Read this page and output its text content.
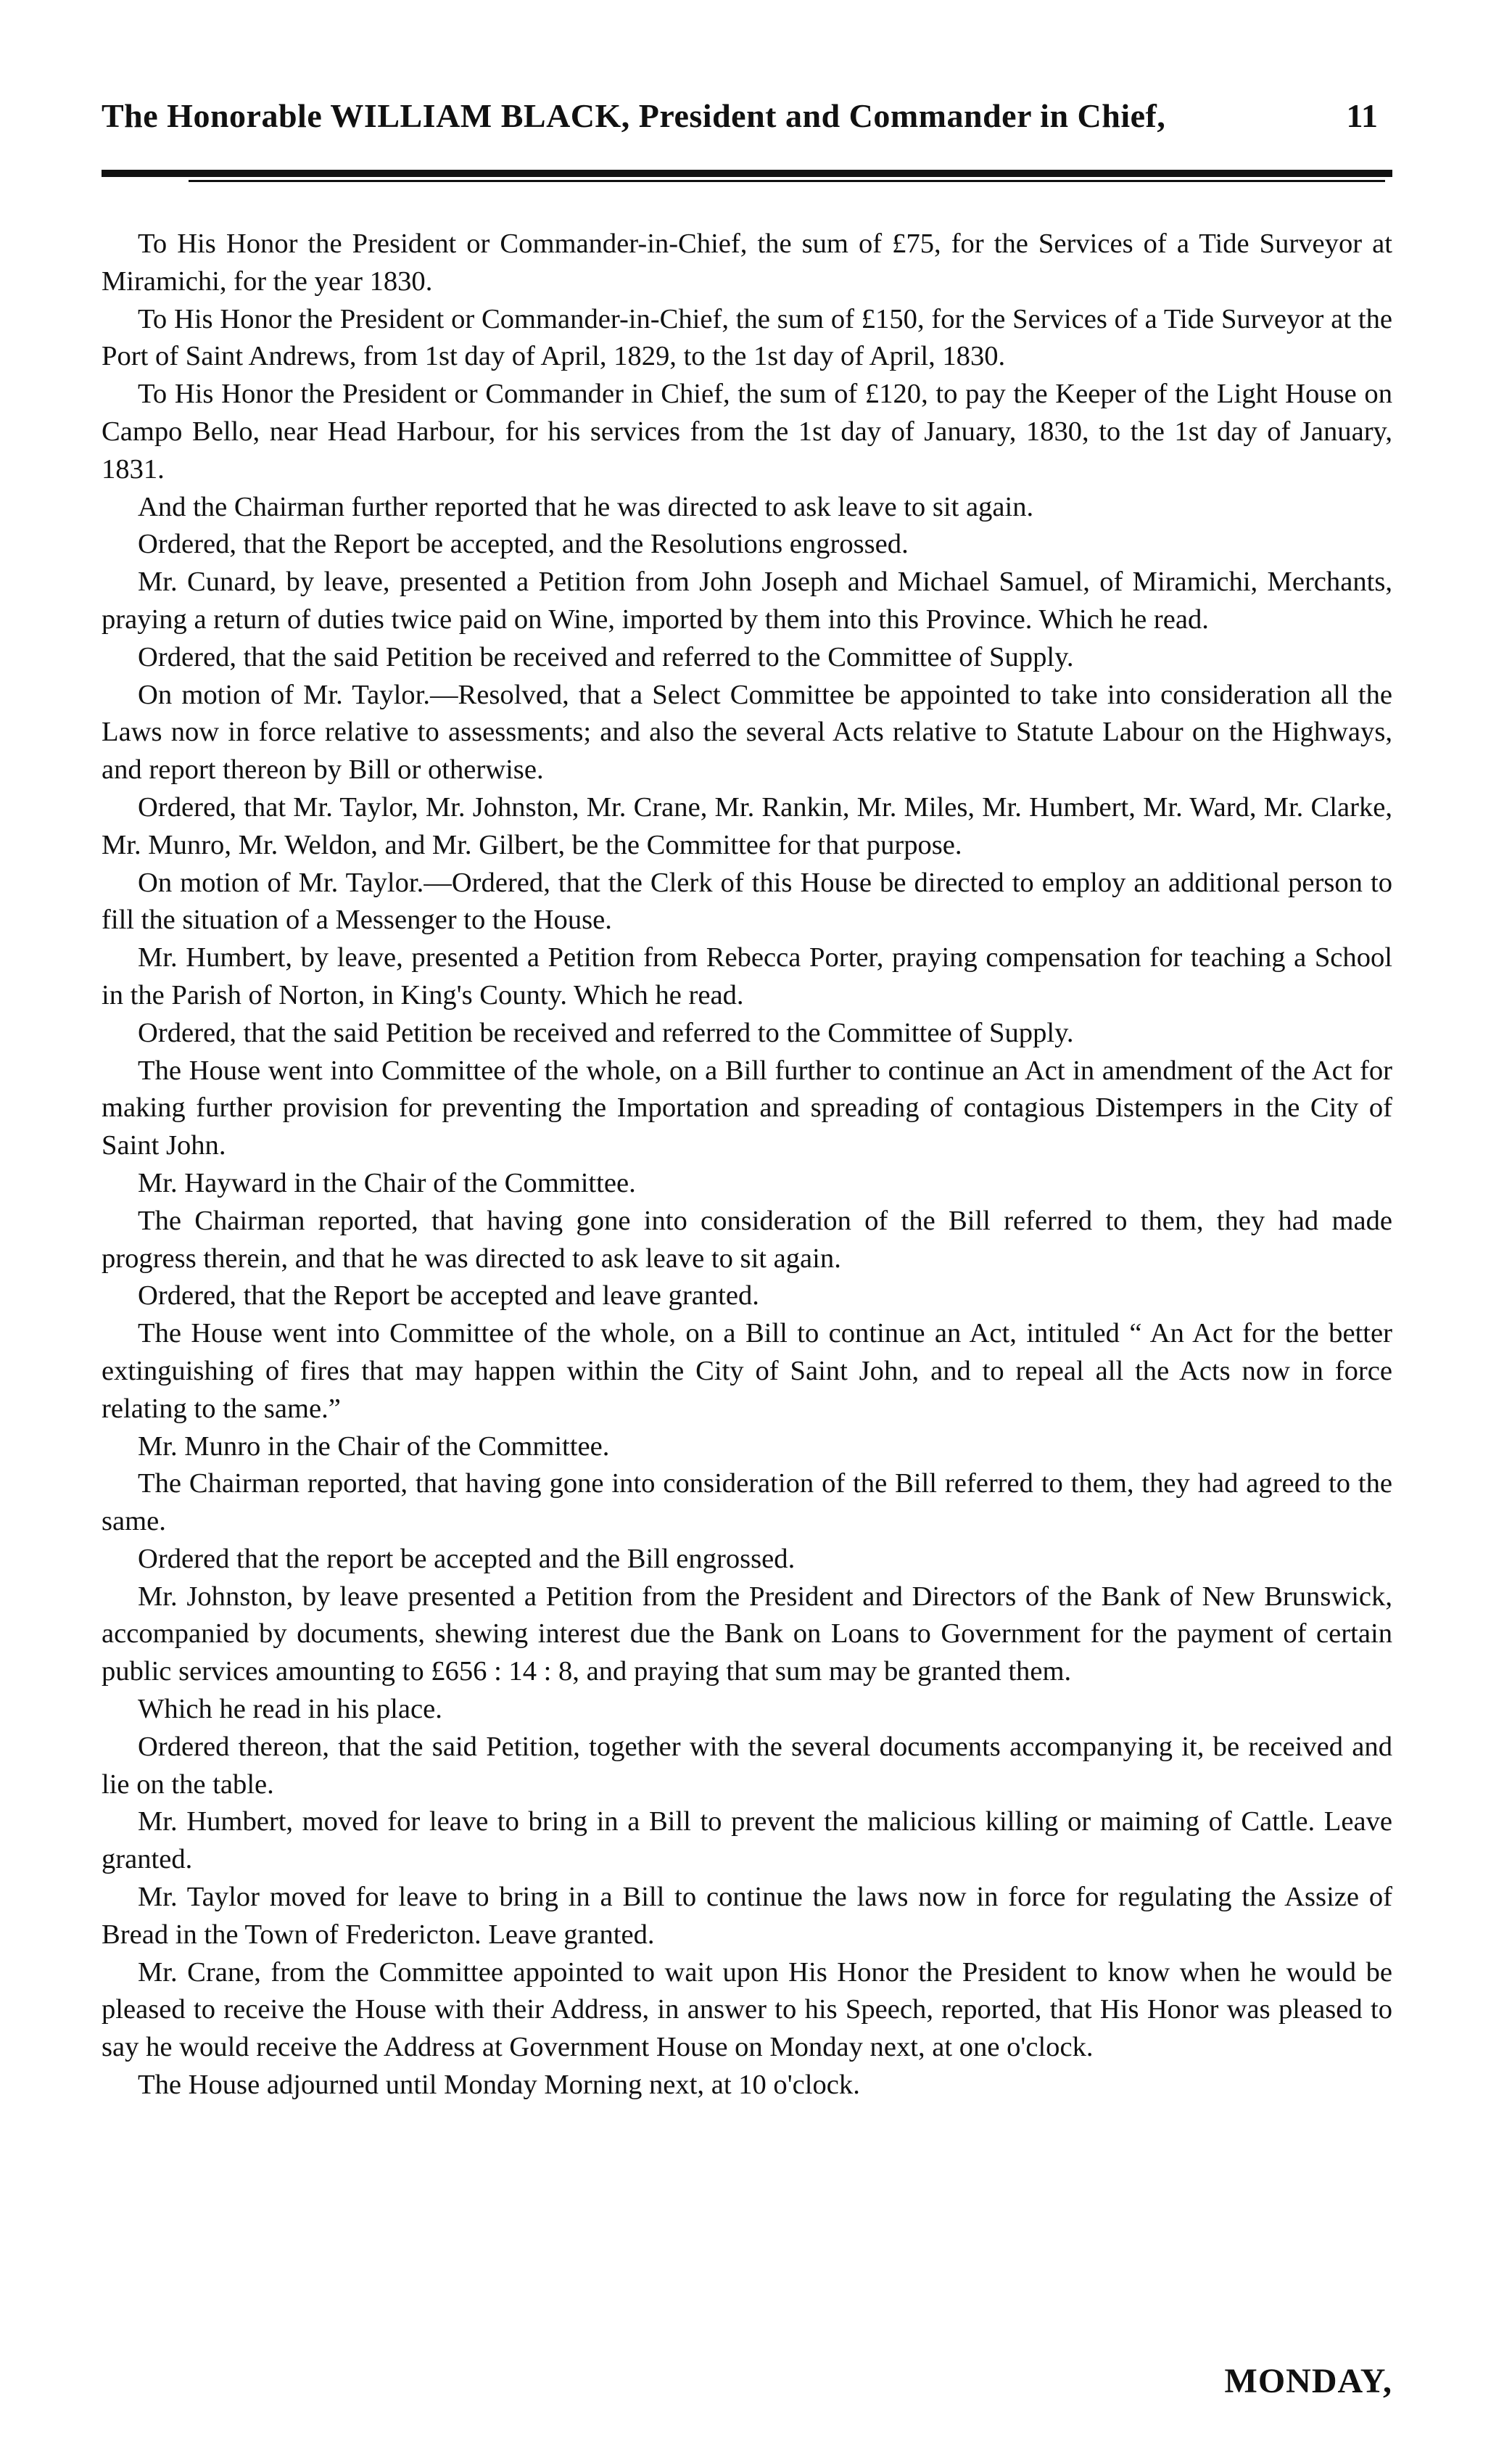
The Honorable WILLIAM BLACK, President and Commander in Chief,	11

To His Honor the President or Commander-in-Chief, the sum of £75, for the Services of a Tide Surveyor at Miramichi, for the year 1830.

To His Honor the President or Commander-in-Chief, the sum of £150, for the Services of a Tide Surveyor at the Port of Saint Andrews, from 1st day of April, 1829, to the 1st day of April, 1830.

To His Honor the President or Commander in Chief, the sum of £120, to pay the Keeper of the Light House on Campo Bello, near Head Harbour, for his services from the 1st day of January, 1830, to the 1st day of January, 1831.

And the Chairman further reported that he was directed to ask leave to sit again.

Ordered, that the Report be accepted, and the Resolutions engrossed.

Mr. Cunard, by leave, presented a Petition from John Joseph and Michael Samuel, of Miramichi, Merchants, praying a return of duties twice paid on Wine, imported by them into this Province. Which he read.

Ordered, that the said Petition be received and referred to the Committee of Supply.

On motion of Mr. Taylor.—Resolved, that a Select Committee be appointed to take into consideration all the Laws now in force relative to assessments; and also the several Acts relative to Statute Labour on the Highways, and report thereon by Bill or otherwise.

Ordered, that Mr. Taylor, Mr. Johnston, Mr. Crane, Mr. Rankin, Mr. Miles, Mr. Humbert, Mr. Ward, Mr. Clarke, Mr. Munro, Mr. Weldon, and Mr. Gilbert, be the Committee for that purpose.

On motion of Mr. Taylor.—Ordered, that the Clerk of this House be directed to employ an additional person to fill the situation of a Messenger to the House.

Mr. Humbert, by leave, presented a Petition from Rebecca Porter, praying compensation for teaching a School in the Parish of Norton, in King's County. Which he read.

Ordered, that the said Petition be received and referred to the Committee of Supply.

The House went into Committee of the whole, on a Bill further to continue an Act in amendment of the Act for making further provision for preventing the Importation and spreading of contagious Distempers in the City of Saint John.

Mr. Hayward in the Chair of the Committee.

The Chairman reported, that having gone into consideration of the Bill referred to them, they had made progress therein, and that he was directed to ask leave to sit again.

Ordered, that the Report be accepted and leave granted.

The House went into Committee of the whole, on a Bill to continue an Act, intituled “ An Act for the better extinguishing of fires that may happen within the City of Saint John, and to repeal all the Acts now in force relating to the same.”

Mr. Munro in the Chair of the Committee.

The Chairman reported, that having gone into consideration of the Bill referred to them, they had agreed to the same.

Ordered that the report be accepted and the Bill engrossed.

Mr. Johnston, by leave presented a Petition from the President and Directors of the Bank of New Brunswick, accompanied by documents, shewing interest due the Bank on Loans to Government for the payment of certain public services amounting to £656 : 14 : 8, and praying that sum may be granted them.

Which he read in his place.

Ordered thereon, that the said Petition, together with the several documents accompanying it, be received and lie on the table.

Mr. Humbert, moved for leave to bring in a Bill to prevent the malicious killing or maiming of Cattle. Leave granted.

Mr. Taylor moved for leave to bring in a Bill to continue the laws now in force for regulating the Assize of Bread in the Town of Fredericton. Leave granted.

Mr. Crane, from the Committee appointed to wait upon His Honor the President to know when he would be pleased to receive the House with their Address, in answer to his Speech, reported, that His Honor was pleased to say he would receive the Address at Government House on Monday next, at one o'clock.

The House adjourned until Monday Morning next, at 10 o'clock.

MONDAY,
